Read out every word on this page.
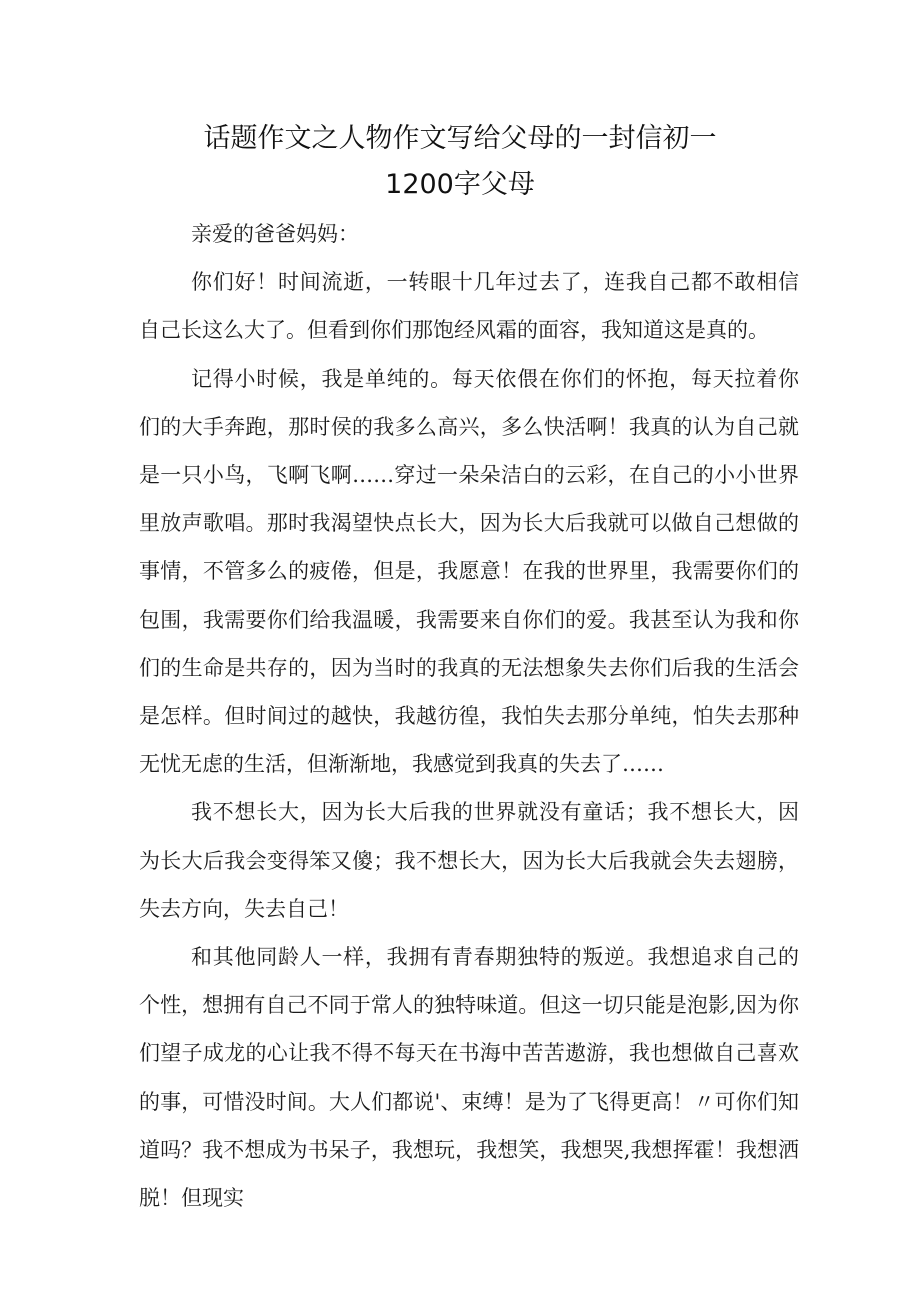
话题作文之人物作文写给父母的一封信初一
1200字父母

亲爱的爸爸妈妈：

你们好！时间流逝，一转眼十几年过去了，连我自己都不敢相信自己长这么大了。但看到你们那饱经风霜的面容，我知道这是真的。

记得小时候，我是单纯的。每天依偎在你们的怀抱，每天拉着你们的大手奔跑，那时侯的我多么高兴，多么快活啊！我真的认为自己就是一只小鸟，飞啊飞啊……穿过一朵朵洁白的云彩，在自己的小小世界里放声歌唱。那时我渴望快点长大，因为长大后我就可以做自己想做的事情，不管多么的疲倦，但是，我愿意！在我的世界里，我需要你们的包围，我需要你们给我温暖，我需要来自你们的爱。我甚至认为我和你们的生命是共存的，因为当时的我真的无法想象失去你们后我的生活会是怎样。但时间过的越快，我越彷徨，我怕失去那分单纯，怕失去那种无忧无虑的生活，但渐渐地，我感觉到我真的失去了……

我不想长大，因为长大后我的世界就没有童话；我不想长大，因为长大后我会变得笨又傻；我不想长大，因为长大后我就会失去翅膀，失去方向，失去自己！

和其他同龄人一样，我拥有青春期独特的叛逆。我想追求自己的个性，想拥有自己不同于常人的独特味道。但这一切只能是泡影,因为你们望子成龙的心让我不得不每天在书海中苦苦遨游，我也想做自己喜欢的事，可惜没时间。大人们都说'、束缚！是为了飞得更高！〃可你们知道吗？我不想成为书呆子，我想玩，我想笑，我想哭,我想挥霍！我想洒脱！但现实
